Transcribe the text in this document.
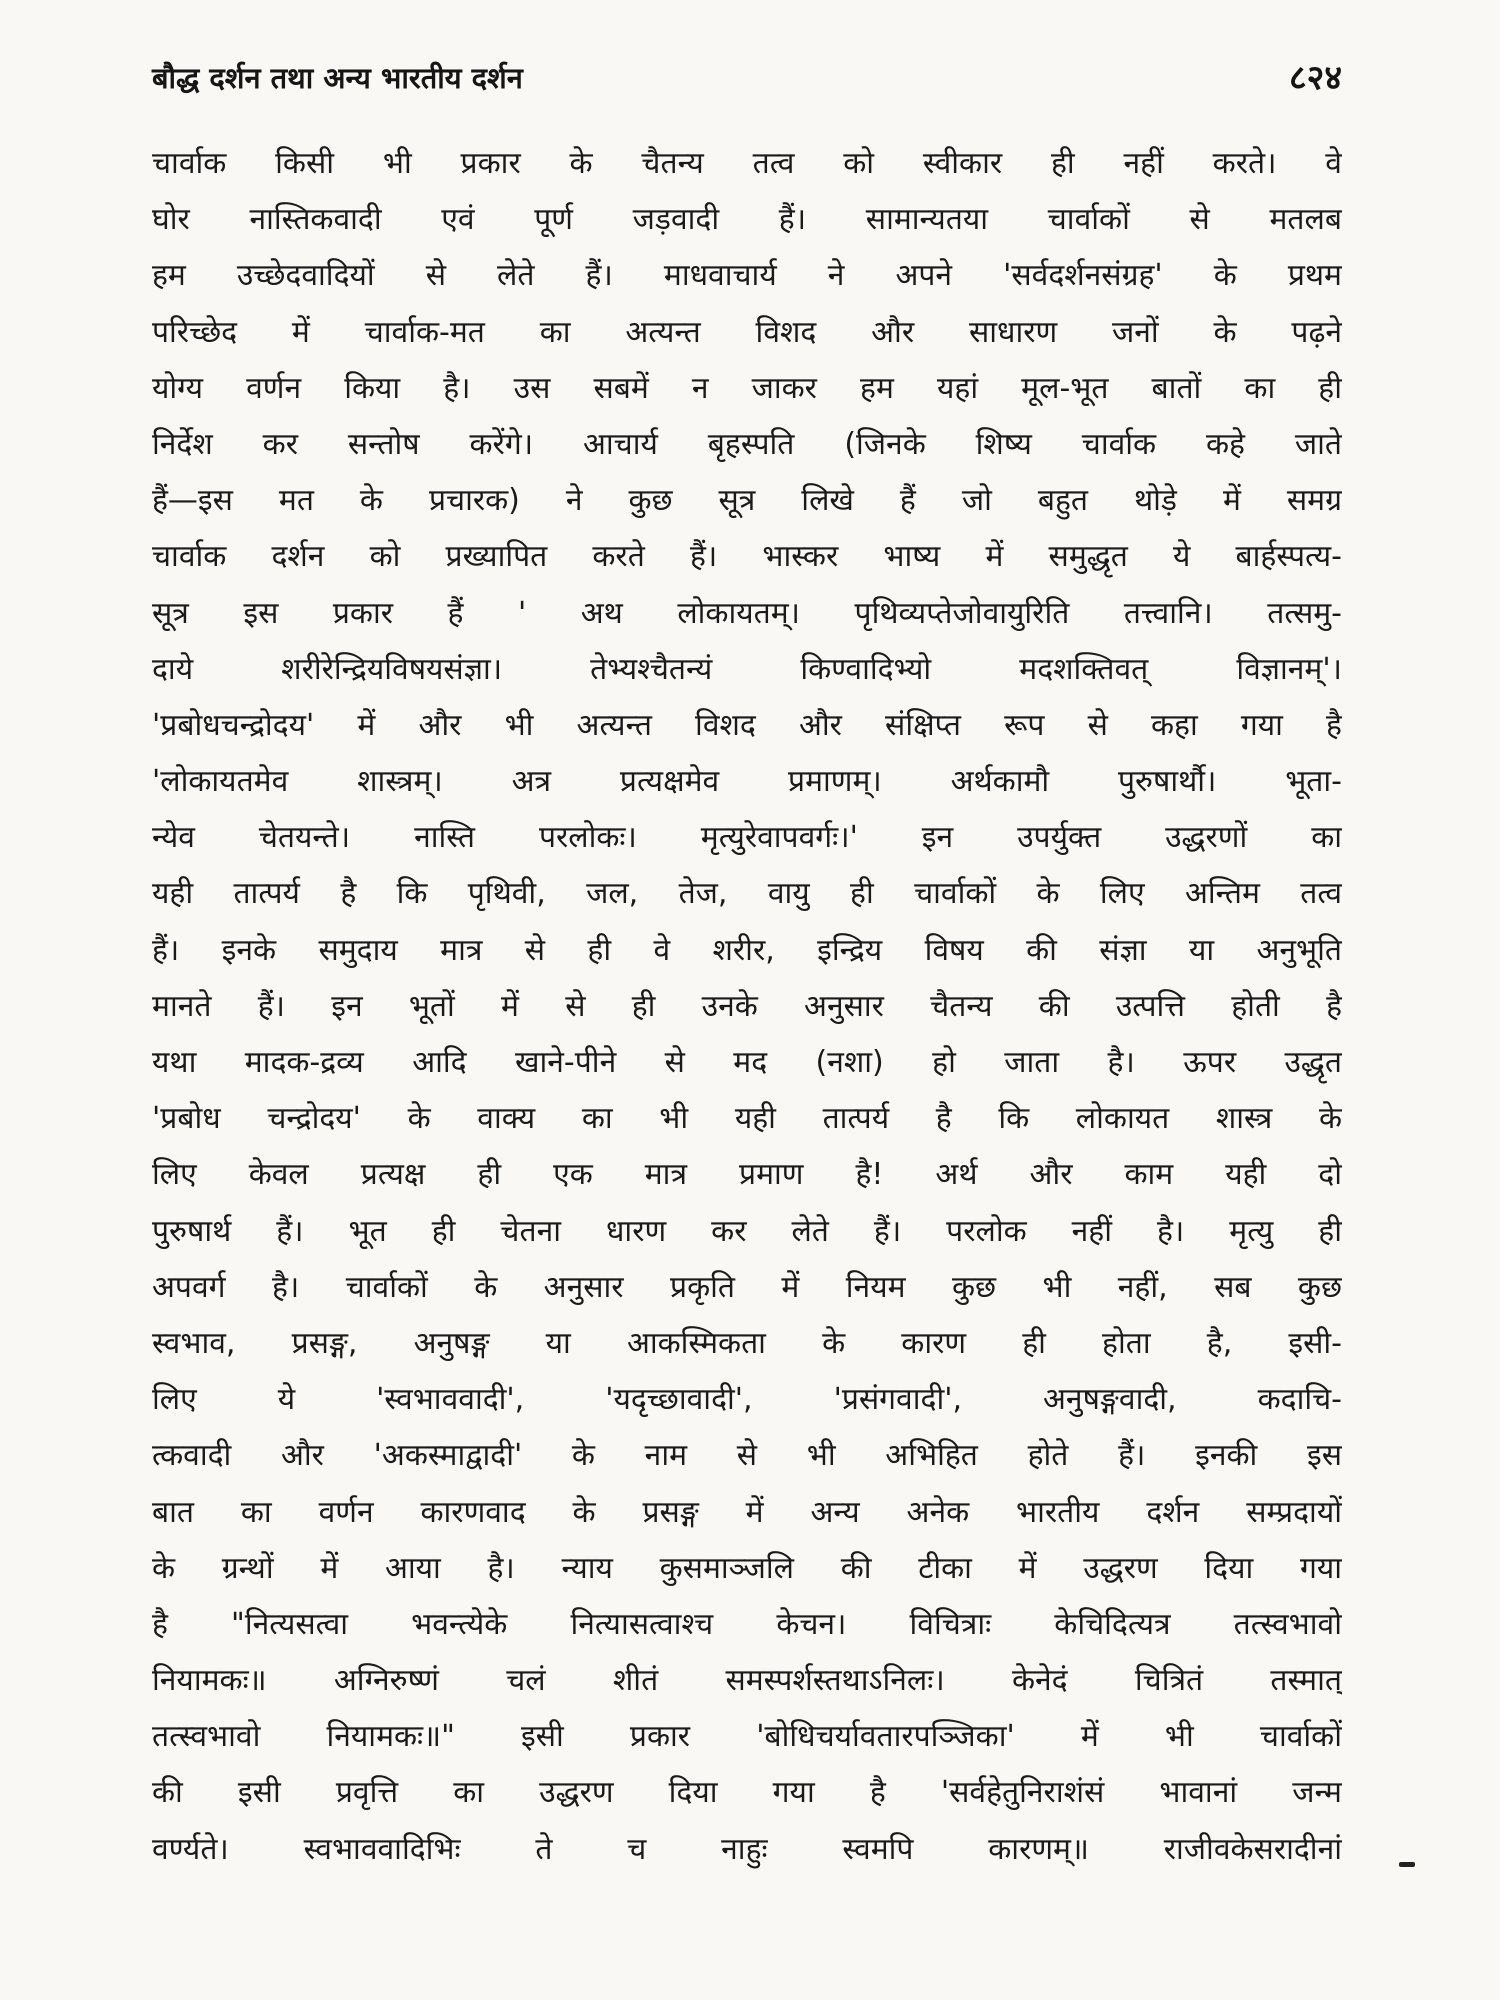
बौद्ध दर्शन तथा अन्य भारतीय दर्शन	८२४
चार्वाक किसी भी प्रकार के चैतन्य तत्व को स्वीकार ही नहीं करते। वे
घोर नास्तिकवादी एवं पूर्ण जड़वादी हैं। सामान्यतया चार्वाकों से मतलब
हम उच्छेदवादियों से लेते हैं। माधवाचार्य ने अपने 'सर्वदर्शनसंग्रह' के प्रथम
परिच्छेद में चार्वाक-मत का अत्यन्त विशद और साधारण जनों के पढ़ने
योग्य वर्णन किया है। उस सबमें न जाकर हम यहां मूल-भूत बातों का ही
निर्देश कर सन्तोष करेंगे। आचार्य बृहस्पति (जिनके शिष्य चार्वाक कहे जाते
हैं—इस मत के प्रचारक) ने कुछ सूत्र लिखे हैं जो बहुत थोड़े में समग्र
चार्वाक दर्शन को प्रख्यापित करते हैं। भास्कर भाष्य में समुद्धृत ये बार्हस्पत्य-
सूत्र इस प्रकार हैं ' अथ लोकायतम्। पृथिव्यप्तेजोवायुरिति तत्त्वानि। तत्समु-
दाये शरीरेन्द्रियविषयसंज्ञा। तेभ्यश्चैतन्यं किण्वादिभ्यो मदशक्तिवत् विज्ञानम्'।
'प्रबोधचन्द्रोदय' में और भी अत्यन्त विशद और संक्षिप्त रूप से कहा गया है
'लोकायतमेव शास्त्रम्। अत्र प्रत्यक्षमेव प्रमाणम्। अर्थकामौ पुरुषार्थौ। भूता-
न्येव चेतयन्ते। नास्ति परलोकः। मृत्युरेवापवर्गः।' इन उपर्युक्त उद्धरणों का
यही तात्पर्य है कि पृथिवी, जल, तेज, वायु ही चार्वाकों के लिए अन्तिम तत्व
हैं। इनके समुदाय मात्र से ही वे शरीर, इन्द्रिय विषय की संज्ञा या अनुभूति
मानते हैं। इन भूतों में से ही उनके अनुसार चैतन्य की उत्पत्ति होती है
यथा मादक-द्रव्य आदि खाने-पीने से मद (नशा) हो जाता है। ऊपर उद्धृत
'प्रबोध चन्द्रोदय' के वाक्य का भी यही तात्पर्य है कि लोकायत शास्त्र के
लिए केवल प्रत्यक्ष ही एक मात्र प्रमाण है! अर्थ और काम यही दो
पुरुषार्थ हैं। भूत ही चेतना धारण कर लेते हैं। परलोक नहीं है। मृत्यु ही
अपवर्ग है। चार्वाकों के अनुसार प्रकृति में नियम कुछ भी नहीं, सब कुछ
स्वभाव, प्रसङ्ग, अनुषङ्ग या आकस्मिकता के कारण ही होता है, इसी-
लिए ये 'स्वभाववादी', 'यदृच्छावादी', 'प्रसंगवादी', अनुषङ्गवादी, कदाचि-
त्कवादी और 'अकस्माद्वादी' के नाम से भी अभिहित होते हैं। इनकी इस
बात का वर्णन कारणवाद के प्रसङ्ग में अन्य अनेक भारतीय दर्शन सम्प्रदायों
के ग्रन्थों में आया है। न्याय कुसमाञ्जलि की टीका में उद्धरण दिया गया
है "नित्यसत्वा भवन्त्येके नित्यासत्वाश्च केचन। विचित्राः केचिदित्यत्र तत्स्वभावो
नियामकः॥ अग्निरुष्णं चलं शीतं समस्पर्शस्तथाऽनिलः। केनेदं चित्रितं तस्मात्
तत्स्वभावो नियामकः॥" इसी प्रकार 'बोधिचर्यावतारपञ्जिका' में भी चार्वाकों
की इसी प्रवृत्ति का उद्धरण दिया गया है 'सर्वहेतुनिराशंसं भावानां जन्म
वर्ण्यते। स्वभाववादिभिः ते च नाहुः स्वमपि कारणम्॥ राजीवकेसरादीनां
